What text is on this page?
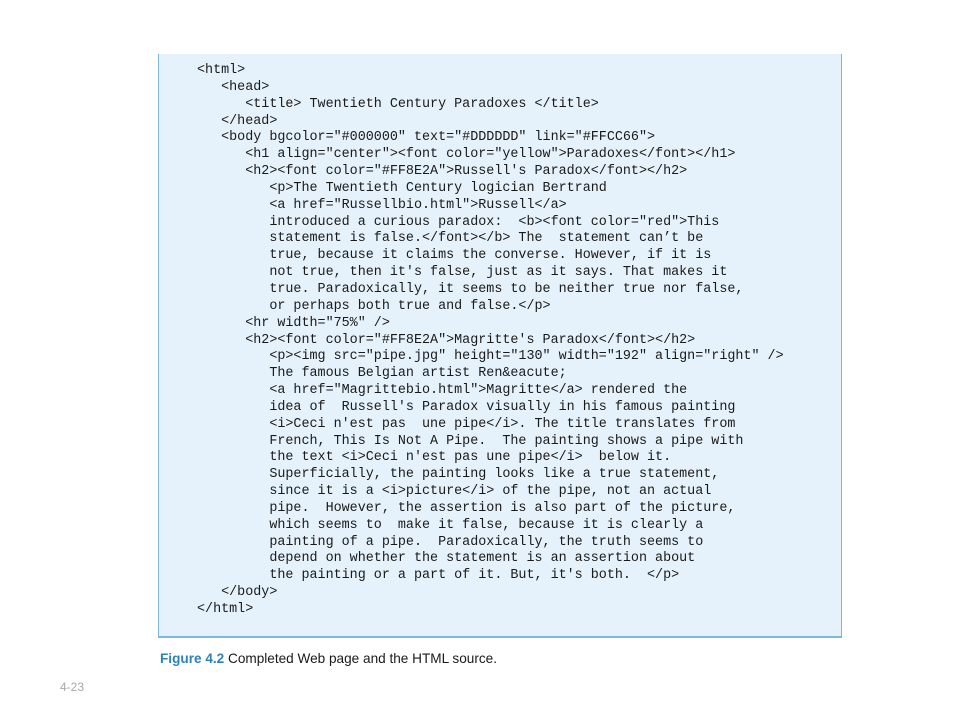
<html>
<head>
<title> Twentieth Century Paradoxes </title>
</head>
<body bgcolor="#000000" text="#DDDDDD" link="#FFCC66">
<h1 align="center"><font color="yellow">Paradoxes</font></h1>
<h2><font color="#FF8E2A">Russell's Paradox</font></h2>
<p>The Twentieth Century logician Bertrand
<a href="Russellbio.html">Russell</a>
introduced a curious paradox:  <b><font color="red">This
statement is false.</font></b> The  statement can’t be
true, because it claims the converse. However, if it is
not true, then it's false, just as it says. That makes it
true. Paradoxically, it seems to be neither true nor false,
or perhaps both true and false.</p>
<hr width="75%" />
<h2><font color="#FF8E2A">Magritte's Paradox</font></h2>
<p><img src="pipe.jpg" height="130" width="192" align="right" />
The famous Belgian artist Ren&eacute;
<a href="Magrittebio.html">Magritte</a> rendered the
idea of  Russell's Paradox visually in his famous painting
<i>Ceci n'est pas  une pipe</i>. The title translates from
French, This Is Not A Pipe.  The painting shows a pipe with
the text <i>Ceci n'est pas une pipe</i>  below it.
Superficially, the painting looks like a true statement,
since it is a <i>picture</i> of the pipe, not an actual
pipe.  However, the assertion is also part of the picture,
which seems to  make it false, because it is clearly a
painting of a pipe.  Paradoxically, the truth seems to
depend on whether the statement is an assertion about
the painting or a part of it. But, it's both.  </p>
</body>
</html>
Figure 4.2 Completed Web page and the HTML source.
4-23
